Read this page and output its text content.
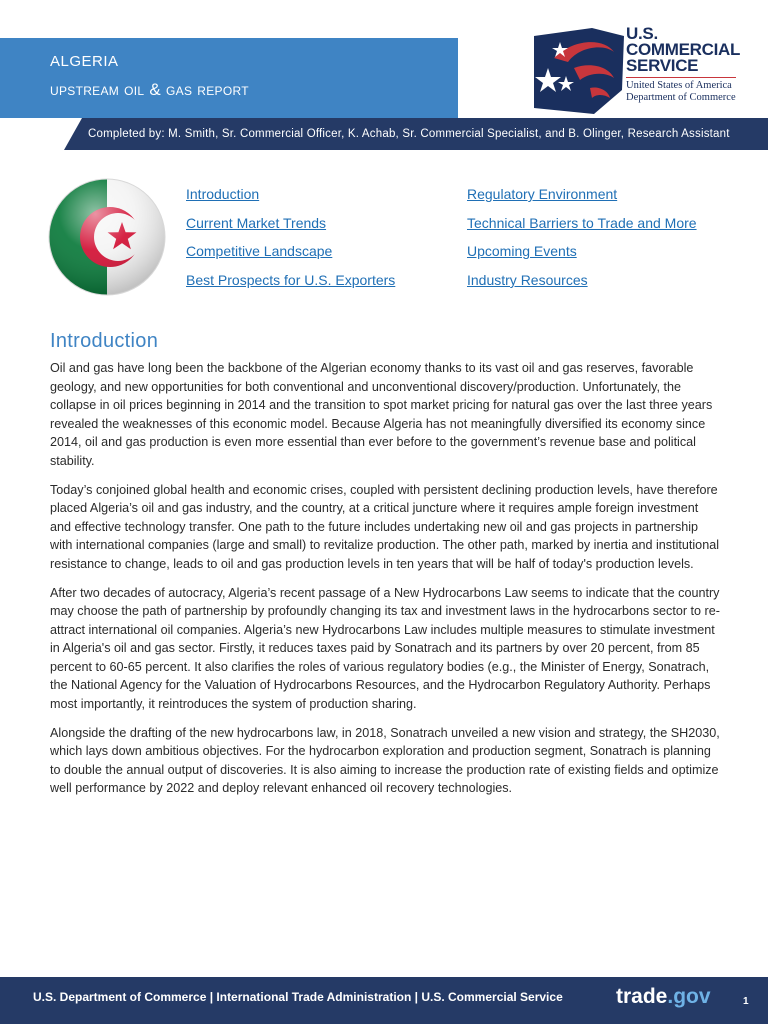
algeria
upstream oil & gas report
U.S.
COMMERCIAL
SERVICE
United States of America
Department of Commerce
Completed by: M. Smith, Sr. Commercial Officer, K. Achab, Sr. Commercial Specialist, and B. Olinger, Research Assistant
Introduction
Current Market Trends
Competitive Landscape
Best Prospects for U.S. Exporters
Regulatory Environment
Technical Barriers to Trade and More
Upcoming Events
Industry Resources
Introduction

Oil and gas have long been the backbone of the Algerian economy thanks to its vast oil and gas reserves, favorable geology, and new opportunities for both conventional and unconventional discovery/production. Unfortunately, the collapse in oil prices beginning in 2014 and the transition to spot market pricing for natural gas over the last three years revealed the weaknesses of this economic model. Because Algeria has not meaningfully diversified its economy since 2014, oil and gas production is even more essential than ever before to the government’s revenue base and political stability.

Today’s conjoined global health and economic crises, coupled with persistent declining production levels, have therefore placed Algeria’s oil and gas industry, and the country, at a critical juncture where it requires ample foreign investment and effective technology transfer. One path to the future includes undertaking new oil and gas projects in partnership with international companies (large and small) to revitalize production. The other path, marked by inertia and institutional resistance to change, leads to oil and gas production levels in ten years that will be half of today's production levels.

After two decades of autocracy, Algeria’s recent passage of a New Hydrocarbons Law seems to indicate that the country may choose the path of partnership by profoundly changing its tax and investment laws in the hydrocarbons sector to re-attract international oil companies. Algeria’s new Hydrocarbons Law includes multiple measures to stimulate investment in Algeria's oil and gas sector. Firstly, it reduces taxes paid by Sonatrach and its partners by over 20 percent, from 85 percent to 60-65 percent. It also clarifies the roles of various regulatory bodies (e.g., the Minister of Energy, Sonatrach, the National Agency for the Valuation of Hydrocarbons Resources, and the Hydrocarbon Regulatory Authority. Perhaps most importantly, it reintroduces the system of production sharing.

Alongside the drafting of the new hydrocarbons law, in 2018, Sonatrach unveiled a new vision and strategy, the SH2030, which lays down ambitious objectives. For the hydrocarbon exploration and production segment, Sonatrach is planning to double the annual output of discoveries. It is also aiming to increase the production rate of existing fields and optimize well performance by 2022 and deploy relevant enhanced oil recovery technologies.

U.S. Department of Commerce | International Trade Administration | U.S. Commercial Service	trade.gov	1
